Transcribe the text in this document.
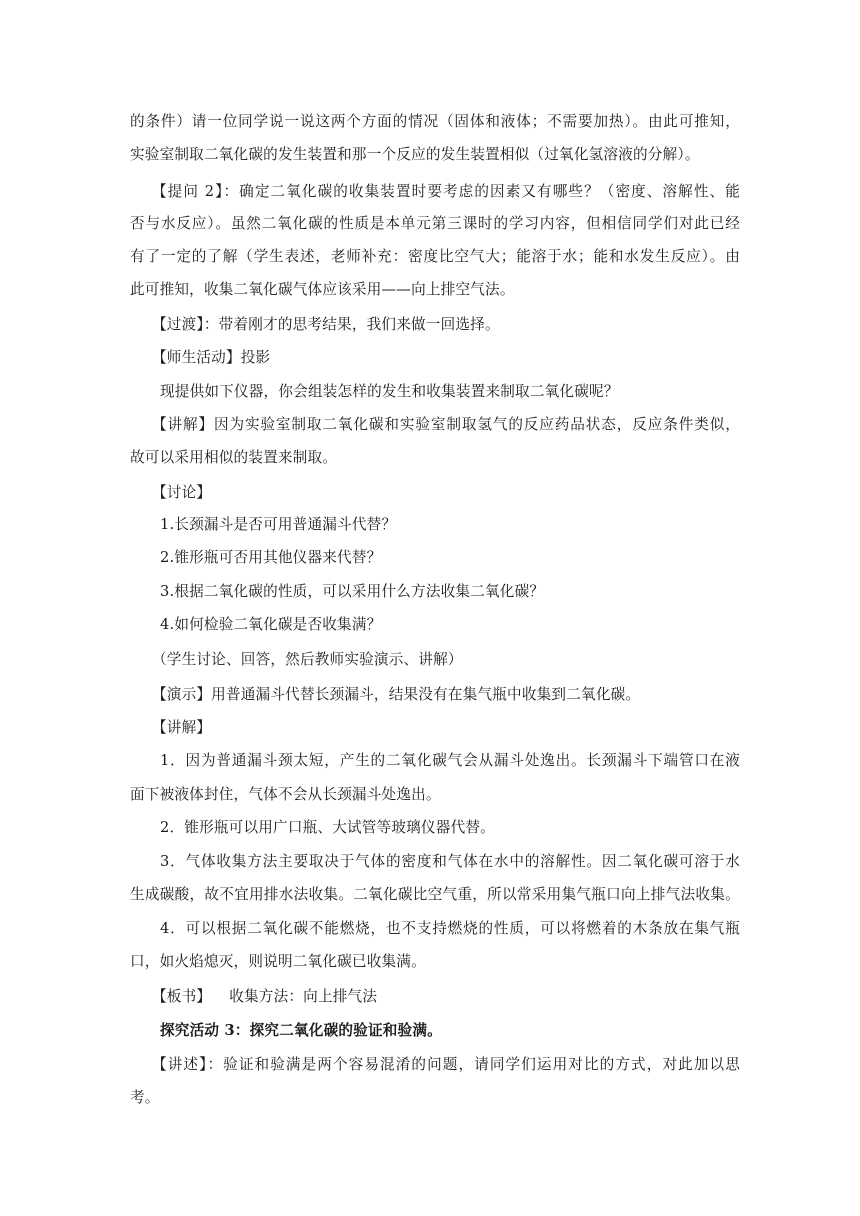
的条件）请一位同学说一说这两个方面的情况（固体和液体；不需要加热）。由此可推知，
实验室制取二氧化碳的发生装置和那一个反应的发生装置相似（过氧化氢溶液的分解）。
【提问 2】：确定二氧化碳的收集装置时要考虑的因素又有哪些？（密度、溶解性、能
否与水反应）。虽然二氧化碳的性质是本单元第三课时的学习内容，但相信同学们对此已经
有了一定的了解（学生表述，老师补充：密度比空气大；能溶于水；能和水发生反应）。由
此可推知，收集二氧化碳气体应该采用——向上排空气法。
【过渡】：带着刚才的思考结果，我们来做一回选择。
【师生活动】投影
现提供如下仪器，你会组装怎样的发生和收集装置来制取二氧化碳呢？
【讲解】因为实验室制取二氧化碳和实验室制取氢气的反应药品状态，反应条件类似，
故可以采用相似的装置来制取。
【讨论】
1.长颈漏斗是否可用普通漏斗代替？
2.锥形瓶可否用其他仪器来代替？
3.根据二氧化碳的性质，可以采用什么方法收集二氧化碳？
4.如何检验二氧化碳是否收集满？
（学生讨论、回答，然后教师实验演示、讲解）
【演示】用普通漏斗代替长颈漏斗，结果没有在集气瓶中收集到二氧化碳。
【讲解】
1．因为普通漏斗颈太短，产生的二氧化碳气会从漏斗处逸出。长颈漏斗下端管口在液
面下被液体封住，气体不会从长颈漏斗处逸出。
2．锥形瓶可以用广口瓶、大试管等玻璃仪器代替。
3．气体收集方法主要取决于气体的密度和气体在水中的溶解性。因二氧化碳可溶于水
生成碳酸，故不宜用排水法收集。二氧化碳比空气重，所以常采用集气瓶口向上排气法收集。
4．可以根据二氧化碳不能燃烧，也不支持燃烧的性质，可以将燃着的木条放在集气瓶
口，如火焰熄灭，则说明二氧化碳已收集满。
【板书】 收集方法：向上排气法
探究活动 3：探究二氧化碳的验证和验满。
【讲述】：验证和验满是两个容易混淆的问题，请同学们运用对比的方式，对此加以思
考。
